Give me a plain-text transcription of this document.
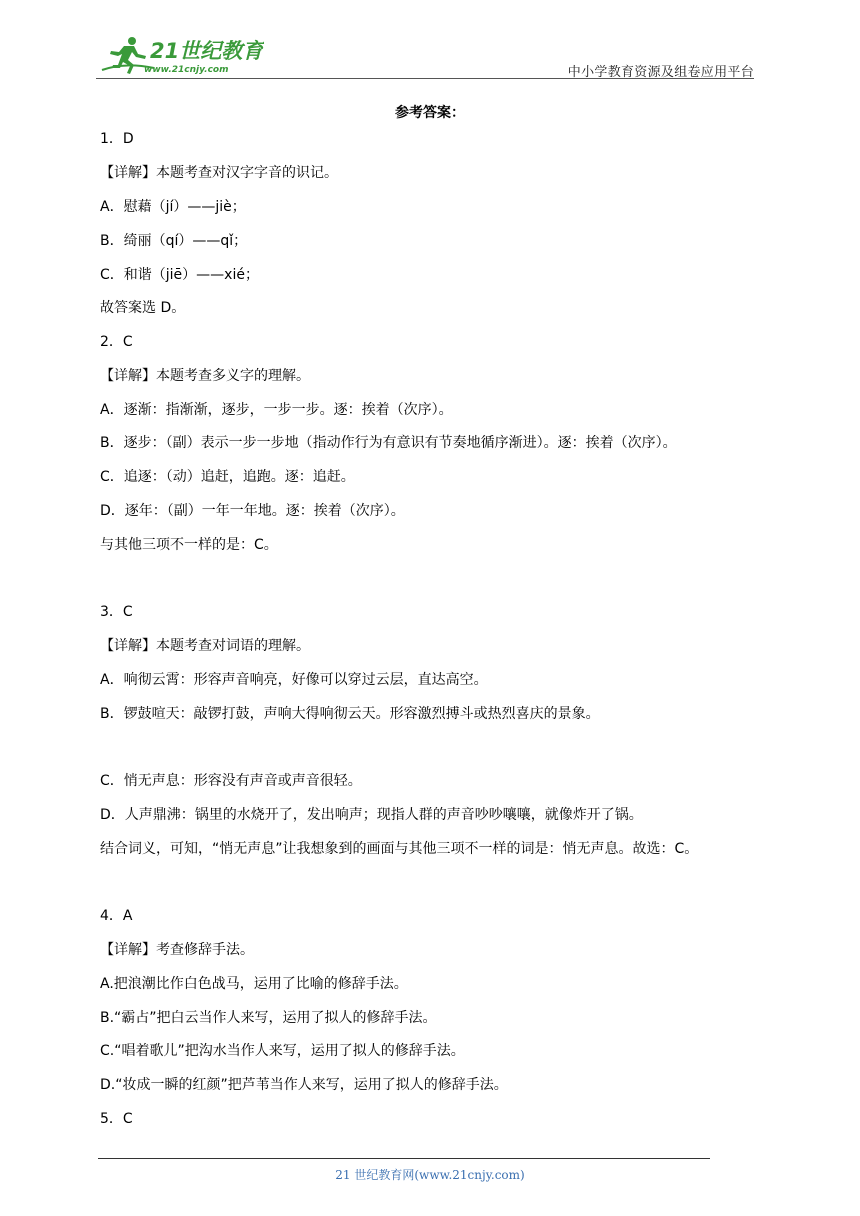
21世纪教育
www.21cnjy.com	中小学教育资源及组卷应用平台
参考答案：
1．D
【详解】本题考查对汉字字音的识记。
A．慰藉（jí）——jiè；
B．绮丽（qí）——qǐ；
C．和谐（jiē）——xié；
故答案选 D。
2．C
【详解】本题考查多义字的理解。
A．逐渐：指渐渐，逐步，一步一步。逐：挨着（次序）。
B．逐步：（副）表示一步一步地（指动作行为有意识有节奏地循序渐进）。逐：挨着（次序）。
C．追逐：（动）追赶，追跑。逐：追赶。
D．逐年：（副）一年一年地。逐：挨着（次序）。
与其他三项不一样的是：C。
3．C
【详解】本题考查对词语的理解。
A．响彻云霄：形容声音响亮，好像可以穿过云层，直达高空。
B．锣鼓喧天：敲锣打鼓，声响大得响彻云天。形容激烈搏斗或热烈喜庆的景象。
C．悄无声息：形容没有声音或声音很轻。
D．人声鼎沸：锅里的水烧开了，发出响声；现指人群的声音吵吵嚷嚷，就像炸开了锅。
结合词义，可知，“悄无声息”让我想象到的画面与其他三项不一样的词是：悄无声息。故选：C。
4．A
【详解】考查修辞手法。
A.把浪潮比作白色战马，运用了比喻的修辞手法。
B.“霸占”把白云当作人来写，运用了拟人的修辞手法。
C.“唱着歌儿”把沟水当作人来写，运用了拟人的修辞手法。
D.“妆成一瞬的红颜”把芦苇当作人来写，运用了拟人的修辞手法。
5．C
21 世纪教育网(www.21cnjy.com)
